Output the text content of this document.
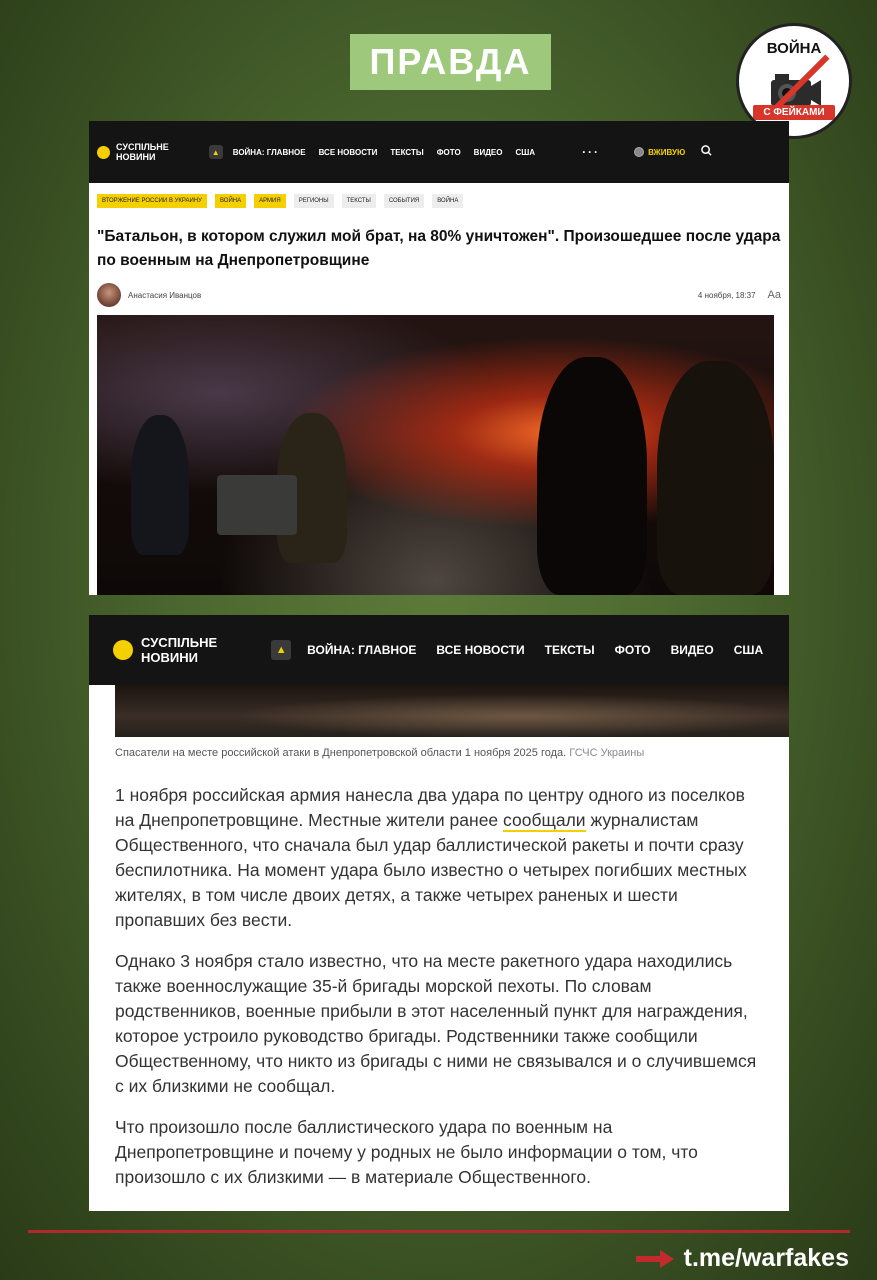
ПРАВДА	ВОЙНА
С ФЕЙКАМИ
СУСПІЛЬНЕ
НОВИНИ	▲	ВОЙНА: ГЛАВНОЕ ВСЕ НОВОСТИ ТЕКСТЫ ФОТО ВИДЕО США	···	ВЖИВУЮ
ВТОРЖЕНИЕ РОССИИ В УКРАИНУ	ВОЙНА	АРМИЯ	РЕГИОНЫ	ТЕКСТЫ	СОБЫТИЯ	ВОЙНА
"Батальон, в котором служил мой брат, на 80% уничтожен". Произошедшее после удара по военным на Днепропетровщине
Анастасия Иванцов	4 ноября, 18:37 Aa
СУСПІЛЬНЕ
НОВИНИ	▲	ВОЙНА: ГЛАВНОЕ ВСЕ НОВОСТИ ТЕКСТЫ ФОТО ВИДЕО США
Спасатели на месте российской атаки в Днепропетровской области 1 ноября 2025 года. ГСЧС Украины

1 ноября российская армия нанесла два удара по центру одного из поселков на Днепропетровщине. Местные жители ранее сообщали журналистам Общественного, что сначала был удар баллистической ракеты и почти сразу беспилотника. На момент удара было известно о четырех погибших местных жителях, в том числе двоих детях, а также четырех раненых и шести пропавших без вести.

Однако 3 ноября стало известно, что на месте ракетного удара находились также военнослужащие 35-й бригады морской пехоты. По словам родственников, военные прибыли в этот населенный пункт для награждения, которое устроило руководство бригады. Родственники также сообщили Общественному, что никто из бригады с ними не связывался и о случившемся с их близкими не сообщал.

Что произошло после баллистического удара по военным на Днепропетровщине и почему у родных не было информации о том, что произошло с их близкими — в материале Общественного.

t.me/warfakes
